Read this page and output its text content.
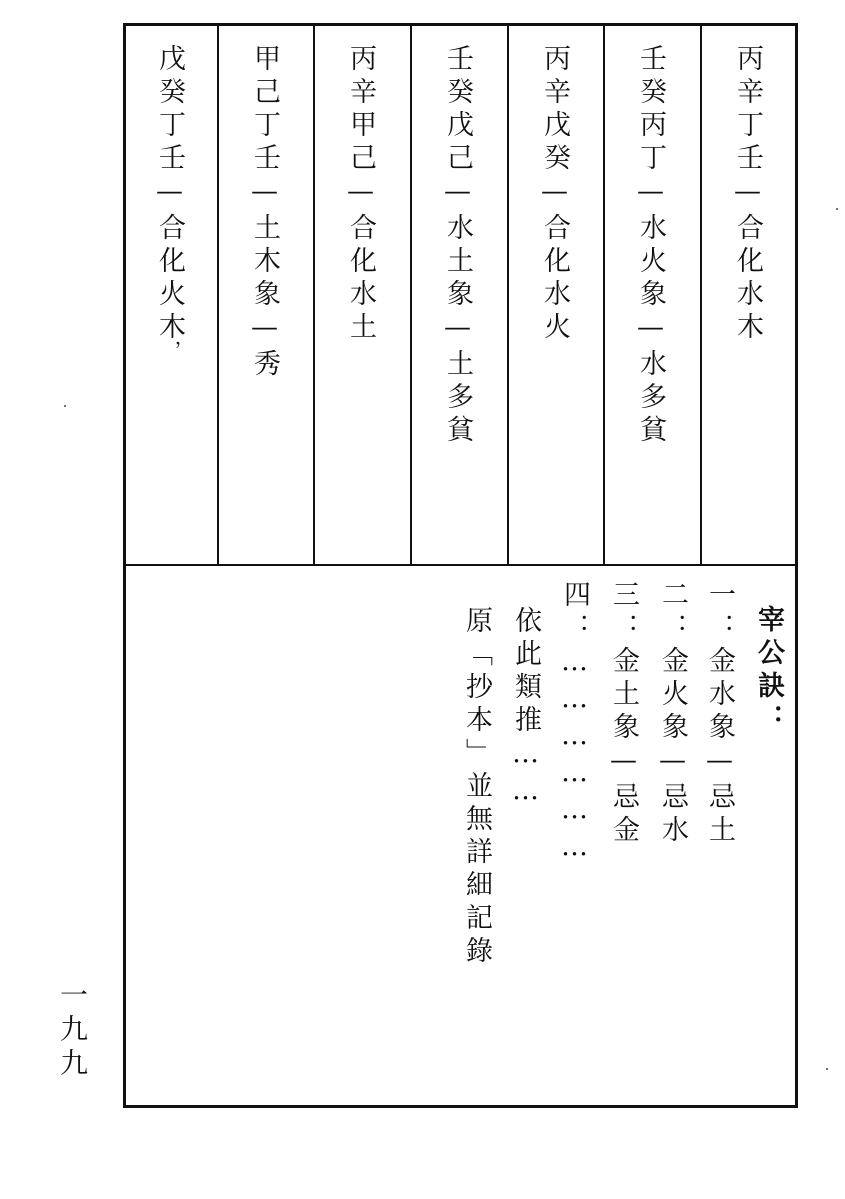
丙辛丁壬—合化水木
壬癸丙丁—水火象—水多貧
丙辛戊癸—合化水火
壬癸戊己—水土象—土多貧
丙辛甲己—合化水土
甲己丁壬—土木象—秀
戊癸丁壬—合化火木
，
宰公訣：
一：金水象—忌土
二：金火象—忌水
三：金土象—忌金
四：………………
依此類推……
原「抄本」並無詳細記錄
一九九
